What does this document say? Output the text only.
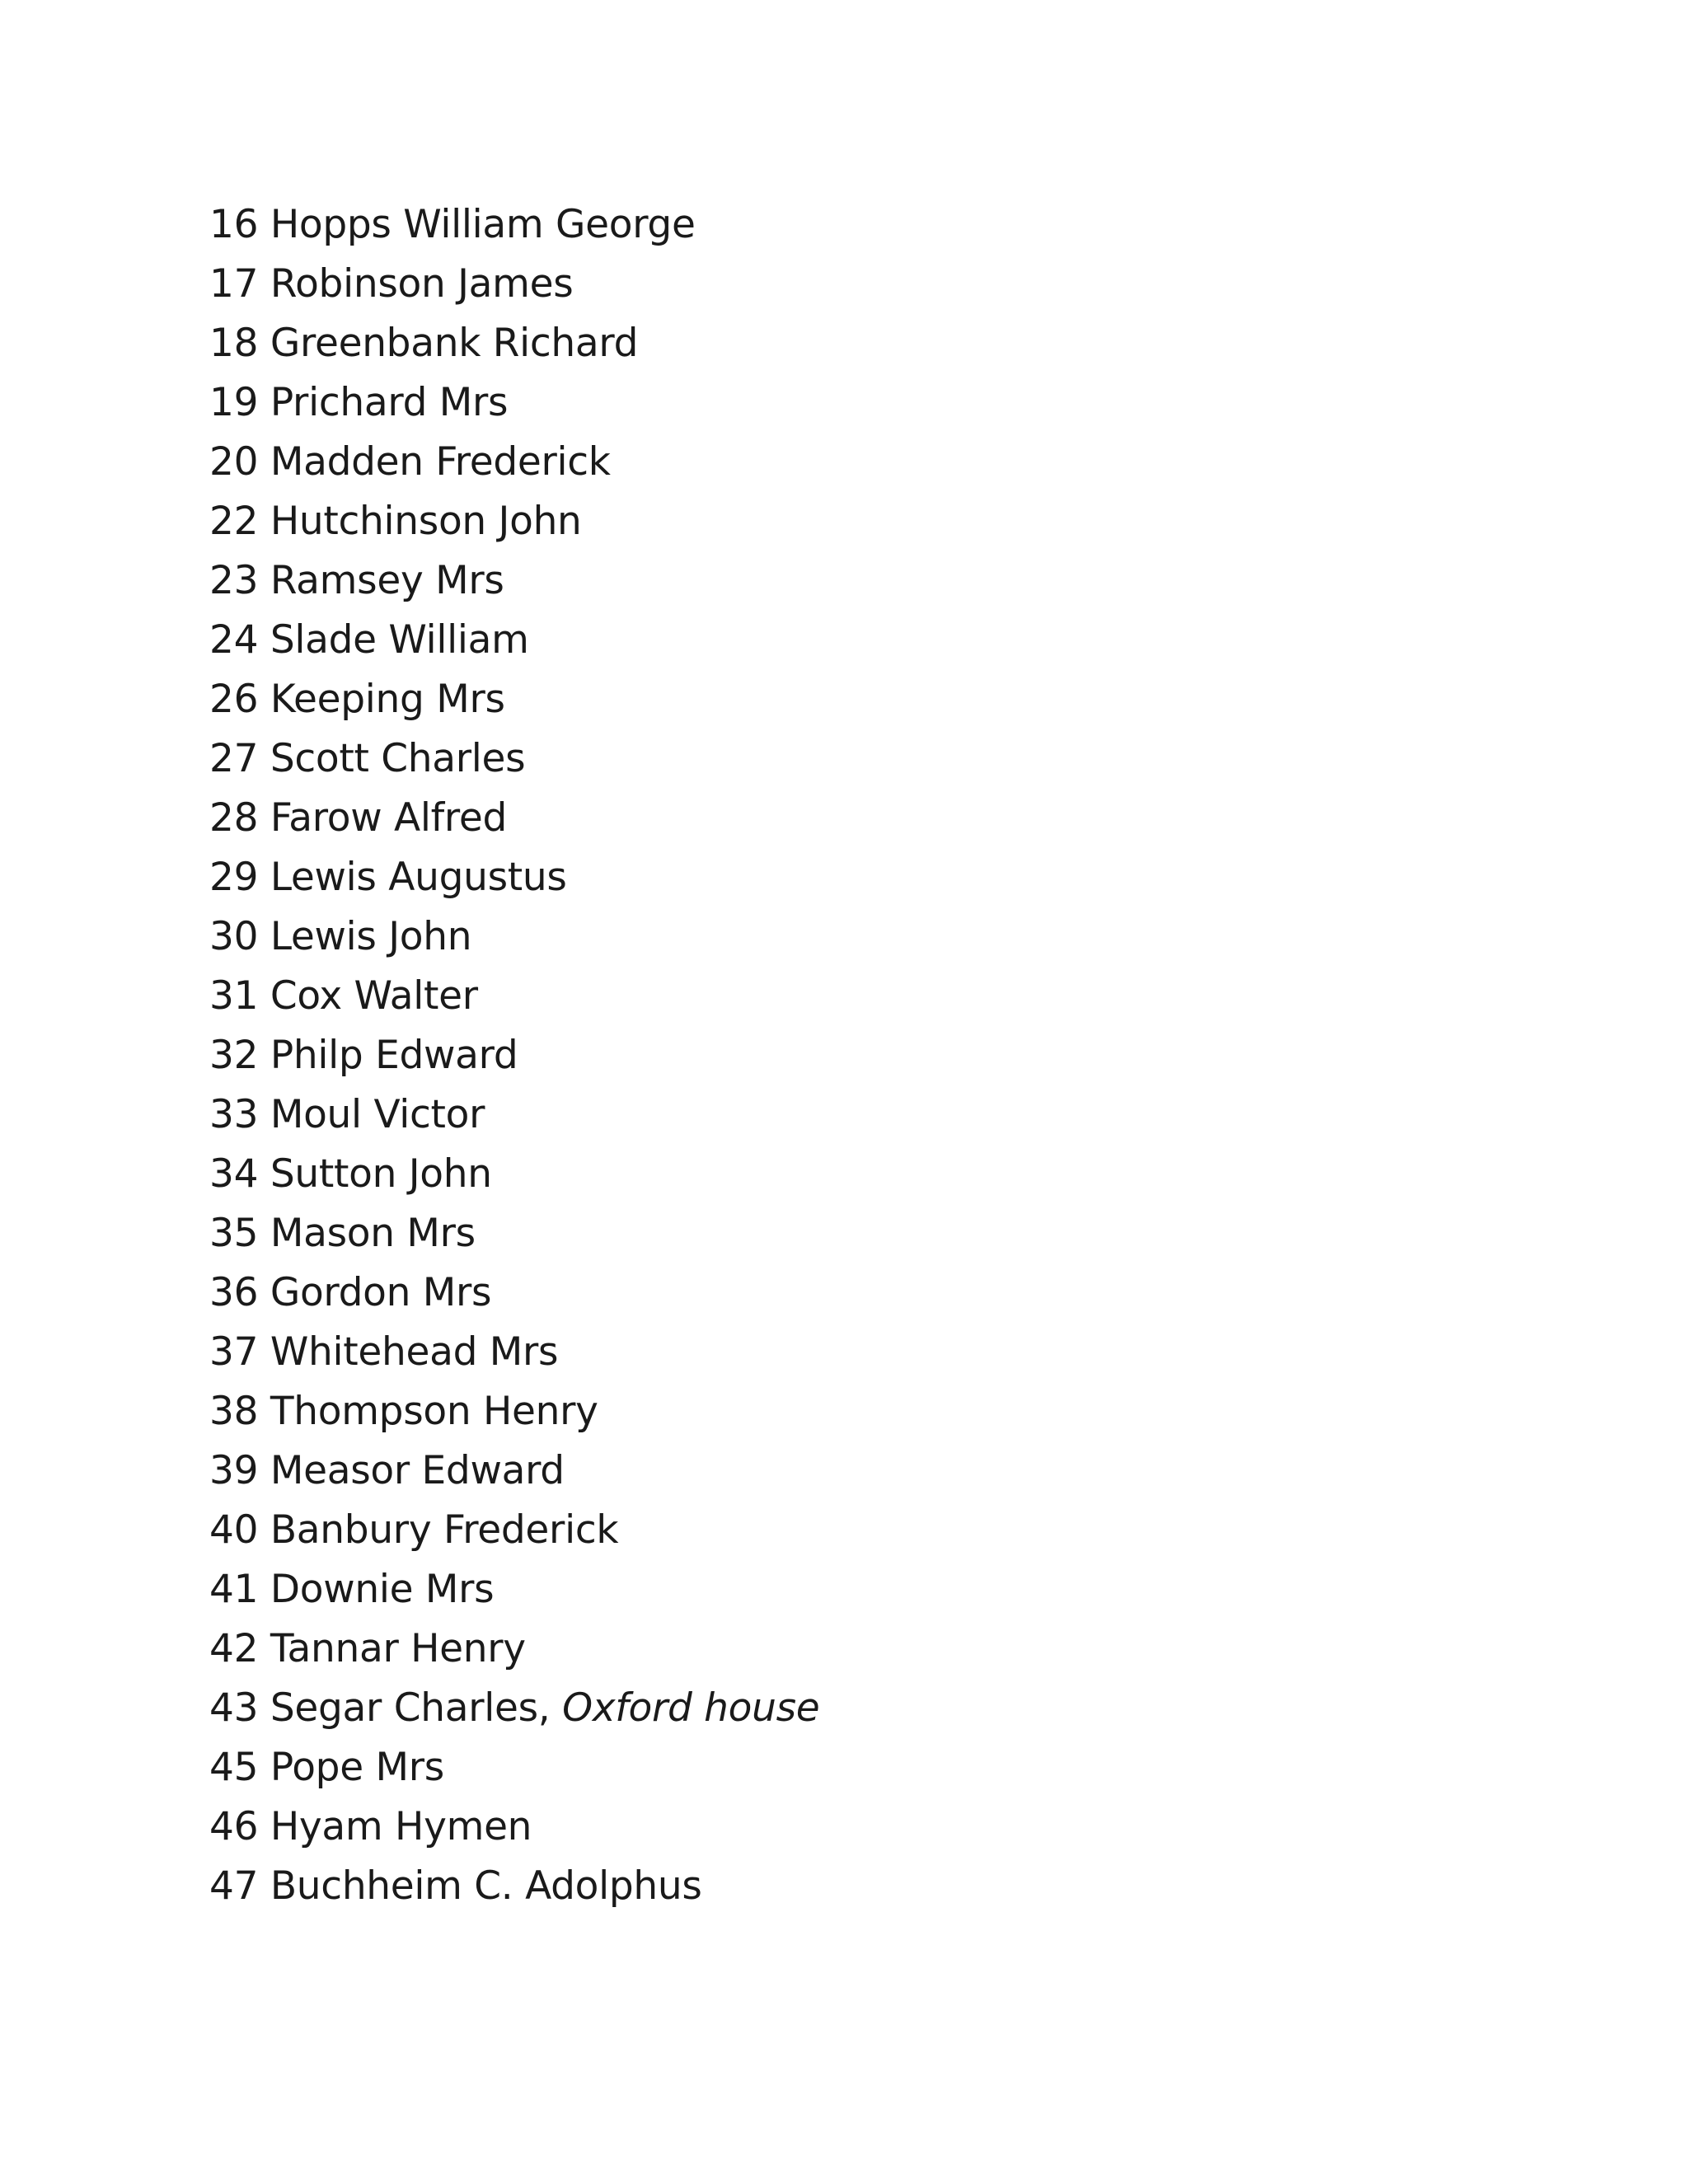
16 Hopps William George
17 Robinson James
18 Greenbank Richard
19 Prichard Mrs
20 Madden Frederick
22 Hutchinson John
23 Ramsey Mrs
24 Slade William
26 Keeping Mrs
27 Scott Charles
28 Farow Alfred
29 Lewis Augustus
30 Lewis John
31 Cox Walter
32 Philp Edward
33 Moul Victor
34 Sutton John
35 Mason Mrs
36 Gordon Mrs
37 Whitehead Mrs
38 Thompson Henry
39 Measor Edward
40 Banbury Frederick
41 Downie Mrs
42 Tannar Henry
43 Segar Charles, Oxford house
45 Pope Mrs
46 Hyam Hymen
47 Buchheim C. Adolphus
